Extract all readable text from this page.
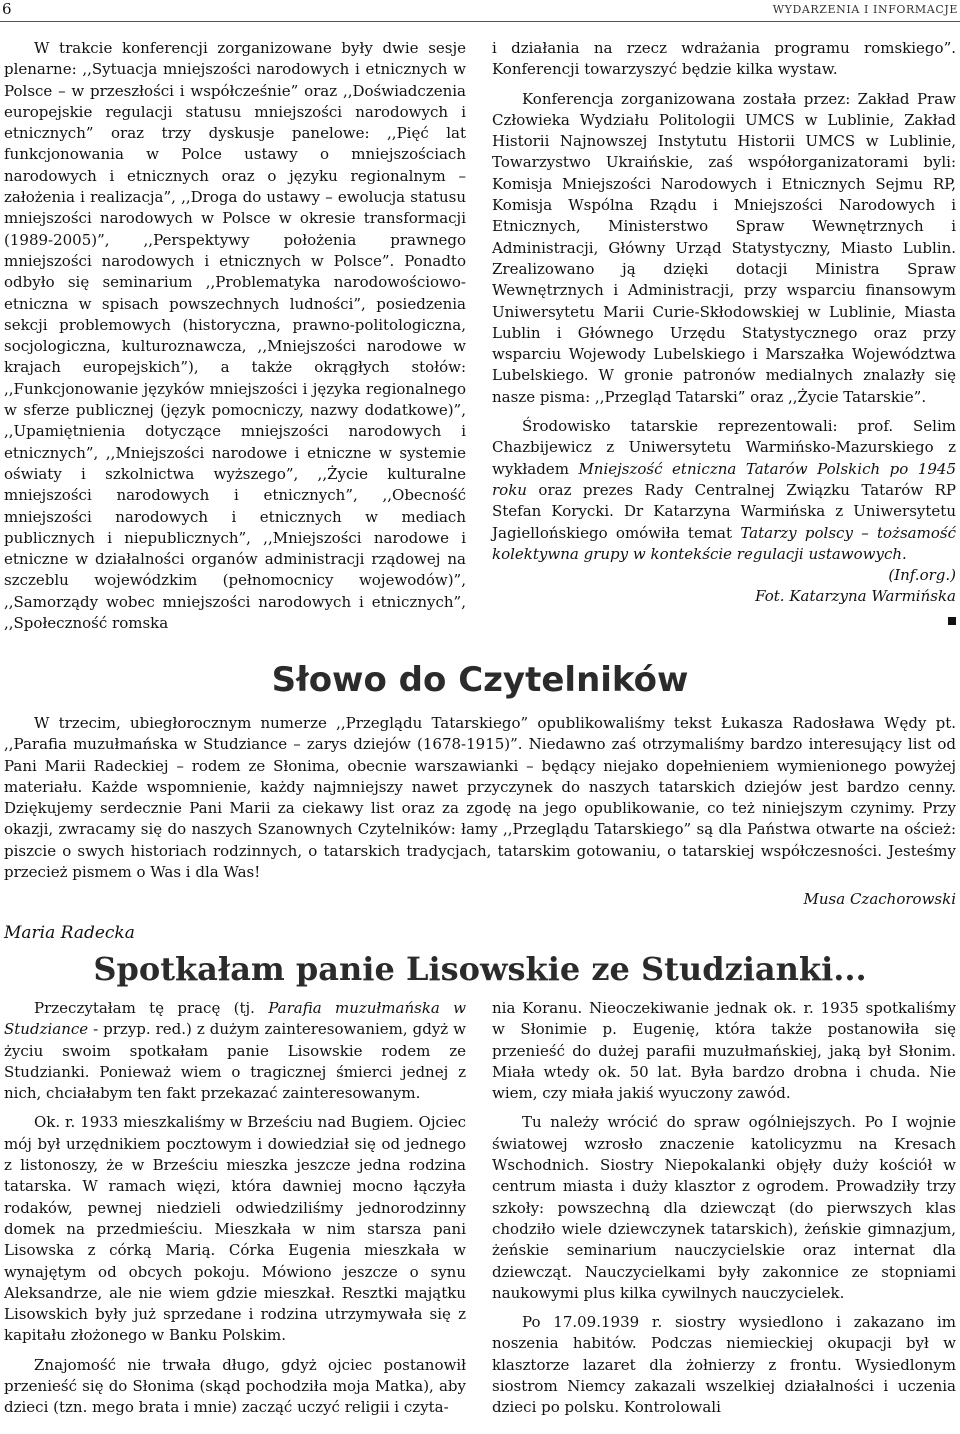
6	WYDARZENIA I INFORMACJE

W trakcie konferencji zorganizowane były dwie sesje plenarne: ,,Sytuacja mniejszości narodowych i etnicznych w Polsce – w przeszłości i współcześnie” oraz ,,Doświadczenia europejskie regulacji statusu mniejszości narodowych i etnicznych” oraz trzy dyskusje panelowe: ,,Pięć lat funkcjonowania w Polce ustawy o mniejszościach narodowych i etnicznych oraz o języku regionalnym – założenia i realizacja”, ,,Droga do ustawy – ewolucja statusu mniejszości narodowych w Polsce w okresie transformacji (1989-2005)”, ,,Perspektywy położenia prawnego mniejszości narodowych i etnicznych w Polsce”. Ponadto odbyło się seminarium ,,Problematyka narodowościowo-etniczna w spisach powszechnych ludności”, posiedzenia sekcji problemowych (historyczna, prawno-politologiczna, socjologiczna, kulturoznawcza, ,,Mniejszości narodowe w krajach europejskich”), a także okrągłych stołów: ,,Funkcjonowanie języków mniejszości i języka regionalnego w sferze publicznej (język pomocniczy, nazwy dodatkowe)”, ,,Upamiętnienia dotyczące mniejszości narodowych i etnicznych”, ,,Mniejszości narodowe i etniczne w systemie oświaty i szkolnictwa wyższego”, ,,Życie kulturalne mniejszości narodowych i etnicznych”, ,,Obecność mniejszości narodowych i etnicznych w mediach publicznych i niepublicznych”, ,,Mniejszości narodowe i etniczne w działalności organów administracji rządowej na szczeblu wojewódzkim (pełnomocnicy wojewodów)”, ,,Samorządy wobec mniejszości narodowych i etnicznych”, ,,Społeczność romska

i działania na rzecz wdrażania programu romskiego”. Konferencji towarzyszyć będzie kilka wystaw.

Konferencja zorganizowana została przez: Zakład Praw Człowieka Wydziału Politologii UMCS w Lublinie, Zakład Historii Najnowszej Instytutu Historii UMCS w Lublinie, Towarzystwo Ukraińskie, zaś współorganizatorami byli: Komisja Mniejszości Narodowych i Etnicznych Sejmu RP, Komisja Wspólna Rządu i Mniejszości Narodowych i Etnicznych, Ministerstwo Spraw Wewnętrznych i Administracji, Główny Urząd Statystyczny, Miasto Lublin. Zrealizowano ją dzięki dotacji Ministra Spraw Wewnętrznych i Administracji, przy wsparciu finansowym Uniwersytetu Marii Curie-Skłodowskiej w Lublinie, Miasta Lublin i Głównego Urzędu Statystycznego oraz przy wsparciu Wojewody Lubelskiego i Marszałka Województwa Lubelskiego. W gronie patronów medialnych znalazły się nasze pisma: ,,Przegląd Tatarski” oraz ,,Życie Tatarskie”.

Środowisko tatarskie reprezentowali: prof. Selim Chazbijewicz z Uniwersytetu Warmińsko-Mazurskiego z wykładem Mniejszość etniczna Tatarów Polskich po 1945 roku oraz prezes Rady Centralnej Związku Tatarów RP Stefan Korycki. Dr Katarzyna Warmińska z Uniwersytetu Jagiellońskiego omówiła temat Tatarzy polscy – tożsamość kolektywna grupy w kontekście regulacji ustawowych.

(Inf.org.)

Fot. Katarzyna Warmińska

Słowo do Czytelników

W trzecim, ubiegłorocznym numerze ,,Przeglądu Tatarskiego” opublikowaliśmy tekst Łukasza Radosława Wędy pt. ,,Parafia muzułmańska w Studziance – zarys dziejów (1678-1915)”. Niedawno zaś otrzymaliśmy bardzo interesujący list od Pani Marii Radeckiej – rodem ze Słonima, obecnie warszawianki – będący niejako dopełnieniem wymienionego powyżej materiału. Każde wspomnienie, każdy najmniejszy nawet przyczynek do naszych tatarskich dziejów jest bardzo cenny. Dziękujemy serdecznie Pani Marii za ciekawy list oraz za zgodę na jego opublikowanie, co też niniejszym czynimy. Przy okazji, zwracamy się do naszych Szanownych Czytelników: łamy ,,Przeglądu Tatarskiego” są dla Państwa otwarte na oścież: piszcie o swych historiach rodzinnych, o tatarskich tradycjach, tatarskim gotowaniu, o tatarskiej współczesności. Jesteśmy przecież pismem o Was i dla Was!

Musa Czachorowski

Maria Radecka
Spotkałam panie Lisowskie ze Studzianki...

Przeczytałam tę pracę (tj. Parafia muzułmańska w Studziance - przyp. red.) z dużym zainteresowaniem, gdyż w życiu swoim spotkałam panie Lisowskie rodem ze Studzianki. Ponieważ wiem o tragicznej śmierci jednej z nich, chciałabym ten fakt przekazać zainteresowanym.

Ok. r. 1933 mieszkaliśmy w Brześciu nad Bugiem. Ojciec mój był urzędnikiem pocztowym i dowiedział się od jednego z listonoszy, że w Brześciu mieszka jeszcze jedna rodzina tatarska. W ramach więzi, która dawniej mocno łączyła rodaków, pewnej niedzieli odwiedziliśmy jednorodzinny domek na przedmieściu. Mieszkała w nim starsza pani Lisowska z córką Marią. Córka Eugenia mieszkała w wynajętym od obcych pokoju. Mówiono jeszcze o synu Aleksandrze, ale nie wiem gdzie mieszkał. Resztki majątku Lisowskich były już sprzedane i rodzina utrzymywała się z kapitału złożonego w Banku Polskim.

Znajomość nie trwała długo, gdyż ojciec postanowił przenieść się do Słonima (skąd pochodziła moja Matka), aby dzieci (tzn. mego brata i mnie) zacząć uczyć religii i czyta-

nia Koranu. Nieoczekiwanie jednak ok. r. 1935 spotkaliśmy w Słonimie p. Eugenię, która także postanowiła się przenieść do dużej parafii muzułmańskiej, jaką był Słonim. Miała wtedy ok. 50 lat. Była bardzo drobna i chuda. Nie wiem, czy miała jakiś wyuczony zawód.

Tu należy wrócić do spraw ogólniejszych. Po I wojnie światowej wzrosło znaczenie katolicyzmu na Kresach Wschodnich. Siostry Niepokalanki objęły duży kościół w centrum miasta i duży klasztor z ogrodem. Prowadziły trzy szkoły: powszechną dla dziewcząt (do pierwszych klas chodziło wiele dziewczynek tatarskich), żeńskie gimnazjum, żeńskie seminarium nauczycielskie oraz internat dla dziewcząt. Nauczycielkami były zakonnice ze stopniami naukowymi plus kilka cywilnych nauczycielek.

Po 17.09.1939 r. siostry wysiedlono i zakazano im noszenia habitów. Podczas niemieckiej okupacji był w klasztorze lazaret dla żołnierzy z frontu. Wysiedlonym siostrom Niemcy zakazali wszelkiej działalności i uczenia dzieci po polsku. Kontrolowali
